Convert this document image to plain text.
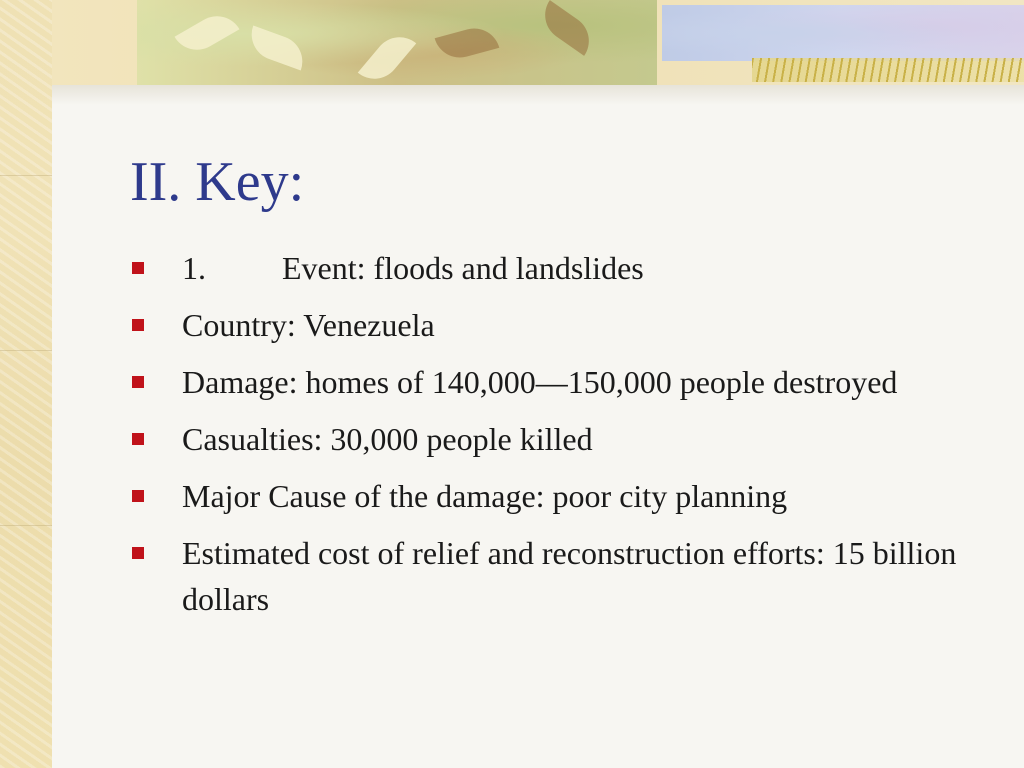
II. Key:
1. Event: floods and landslides
Country: Venezuela
Damage: homes of 140,000—150,000 people destroyed
Casualties: 30,000 people killed
Major Cause of the damage: poor city planning
Estimated cost of relief and reconstruction efforts: 15 billion dollars
